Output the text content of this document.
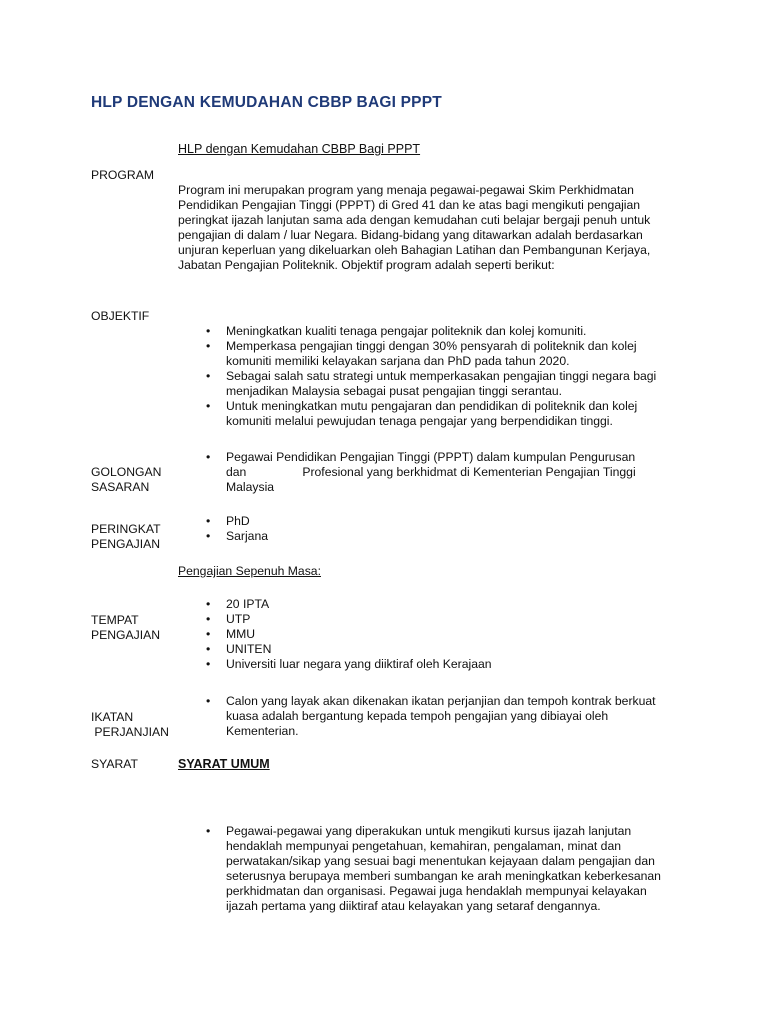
HLP DENGAN KEMUDAHAN CBBP BAGI PPPT
HLP dengan Kemudahan CBBP Bagi PPPT
PROGRAM
Program ini merupakan program yang menaja pegawai-pegawai Skim Perkhidmatan Pendidikan Pengajian Tinggi (PPPT) di Gred 41 dan ke atas bagi mengikuti pengajian peringkat ijazah lanjutan sama ada dengan kemudahan cuti belajar bergaji penuh untuk pengajian di dalam / luar Negara. Bidang-bidang yang ditawarkan adalah berdasarkan unjuran keperluan yang dikeluarkan oleh Bahagian Latihan dan Pembangunan Kerjaya, Jabatan Pengajian Politeknik. Objektif program adalah seperti berikut:
OBJEKTIF
• Meningkatkan kualiti tenaga pengajar politeknik dan kolej komuniti.
• Memperkasa pengajian tinggi dengan 30% pensyarah di politeknik dan kolej komuniti memiliki kelayakan sarjana dan PhD pada tahun 2020.
• Sebagai salah satu strategi untuk memperkasakan pengajian tinggi negara bagi menjadikan Malaysia sebagai pusat pengajian tinggi serantau.
• Untuk meningkatkan mutu pengajaran dan pendidikan di politeknik dan kolej komuniti melalui pewujudan tenaga pengajar yang berpendidikan tinggi.
GOLONGAN
SASARAN
• Pegawai Pendidikan Pengajian Tinggi (PPPT) dalam kumpulan Pengurusan
dan	Profesional yang berkhidmat di Kementerian Pengajian Tinggi
Malaysia
PERINGKAT
PENGAJIAN
• PhD
• Sarjana
Pengajian Sepenuh Masa:
TEMPAT
PENGAJIAN
• 20 IPTA
• UTP
• MMU
• UNITEN
• Universiti luar negara yang diiktiraf oleh Kerajaan
IKATAN
PERJANJIAN
• Calon yang layak akan dikenakan ikatan perjanjian dan tempoh kontrak berkuat kuasa adalah bergantung kepada tempoh pengajian yang dibiayai oleh Kementerian.
SYARAT	SYARAT UMUM
• Pegawai-pegawai yang diperakukan untuk mengikuti kursus ijazah lanjutan hendaklah mempunyai pengetahuan, kemahiran, pengalaman, minat dan perwatakan/sikap yang sesuai bagi menentukan kejayaan dalam pengajian dan seterusnya berupaya memberi sumbangan ke arah meningkatkan keberkesanan perkhidmatan dan organisasi. Pegawai juga hendaklah mempunyai kelayakan ijazah pertama yang diiktiraf atau kelayakan yang setaraf dengannya.
